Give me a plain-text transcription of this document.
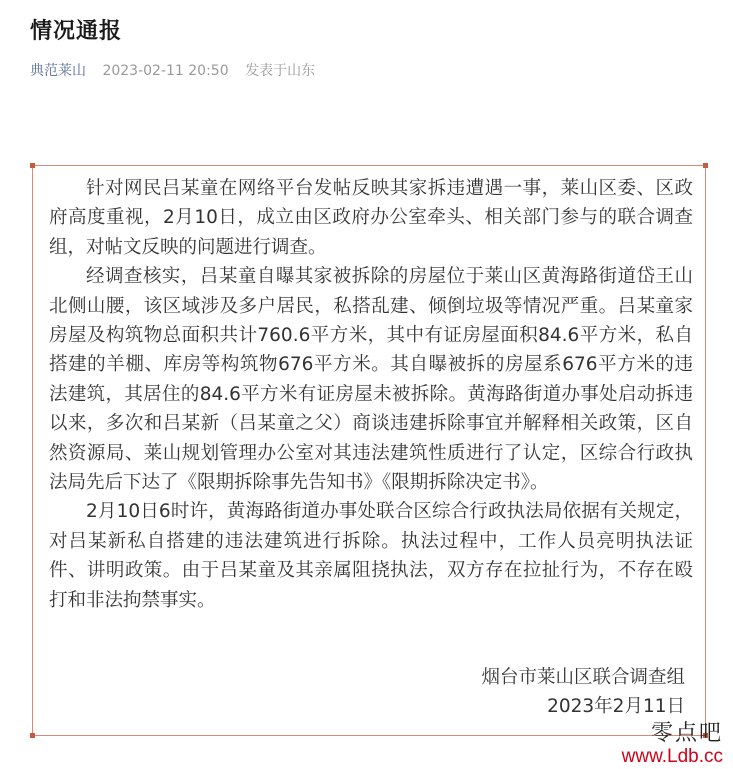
情况通报
典范莱山 2023-02-11 20:50 发表于山东

针对网民吕某童在网络平台发帖反映其家拆违遭遇一事，莱山区委、区政府高度重视，2月10日，成立由区政府办公室牵头、相关部门参与的联合调查组，对帖文反映的问题进行调查。

经调查核实，吕某童自曝其家被拆除的房屋位于莱山区黄海路街道岱王山北侧山腰，该区域涉及多户居民，私搭乱建、倾倒垃圾等情况严重。吕某童家房屋及构筑物总面积共计760.6平方米，其中有证房屋面积84.6平方米，私自搭建的羊棚、库房等构筑物676平方米。其自曝被拆的房屋系676平方米的违法建筑，其居住的84.6平方米有证房屋未被拆除。黄海路街道办事处启动拆违以来，多次和吕某新（吕某童之父）商谈违建拆除事宜并解释相关政策，区自然资源局、莱山规划管理办公室对其违法建筑性质进行了认定，区综合行政执法局先后下达了《限期拆除事先告知书》《限期拆除决定书》。

2月10日6时许，黄海路街道办事处联合区综合行政执法局依据有关规定，对吕某新私自搭建的违法建筑进行拆除。执法过程中，工作人员亮明执法证件、讲明政策。由于吕某童及其亲属阻挠执法，双方存在拉扯行为，不存在殴打和非法拘禁事实。

烟台市莱山区联合调查组
2023年2月11日
零点吧
www.Ldb.cc
